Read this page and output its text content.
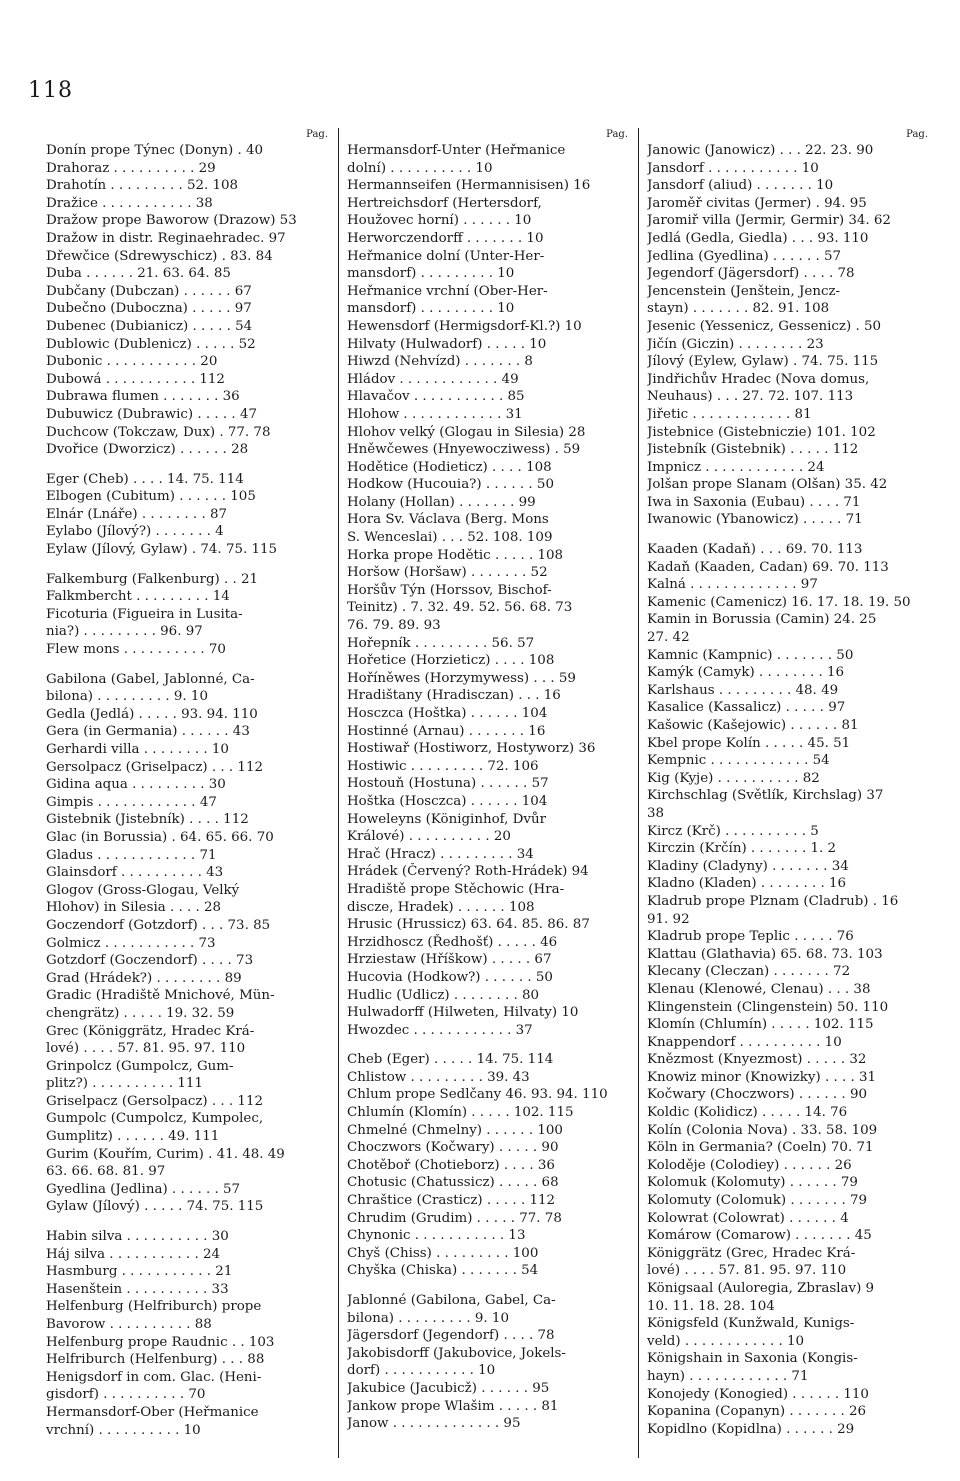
118
Pag.
Donín prope Týnec (Donyn) . 40
Drahoraz . . . . . . . . . . 29
Drahotín . . . . . . . . . 52. 108
Dražice . . . . . . . . . . . 38
Dražow prope Baworow (Drazow) 53
Dražow in distr. Reginaehradec. 97
Dřewčice (Sdrewyschicz) . 83. 84
Duba . . . . . . 21. 63. 64. 85
Dubčany (Dubczan) . . . . . . 67
Dubečno (Duboczna) . . . . . 97
Dubenec (Dubianicz) . . . . . 54
Dublowic (Dublenicz) . . . . . 52
Dubonic . . . . . . . . . . . 20
Dubowá . . . . . . . . . . . 112
Dubrawa flumen . . . . . . . 36
Dubuwicz (Dubrawic) . . . . . 47
Duchcow (Tokczaw, Dux) . 77. 78
Dvořice (Dworzicz) . . . . . . 28
Eger (Cheb) . . . . 14. 75. 114
Elbogen (Cubitum) . . . . . . 105
Elnár (Lnáře) . . . . . . . . 87
Eylabo (Jílový?) . . . . . . . 4
Eylaw (Jílový, Gylaw) . 74. 75. 115
Falkemburg (Falkenburg) . . 21
Falkmbercht . . . . . . . . . 14
Ficoturia (Figueira in Lusita-
nia?) . . . . . . . . . 96. 97
Flew mons . . . . . . . . . . 70
Gabilona (Gabel, Jablonné, Ca-
bilona) . . . . . . . . . 9. 10
Gedla (Jedlá) . . . . . 93. 94. 110
Gera (in Germania) . . . . . . 43
Gerhardi villa . . . . . . . . 10
Gersolpacz (Griselpacz) . . . 112
Gidina aqua . . . . . . . . . 30
Gimpis . . . . . . . . . . . . 47
Gistebnik (Jistebník) . . . . 112
Glac (in Borussia) . 64. 65. 66. 70
Gladus . . . . . . . . . . . . 71
Glainsdorf . . . . . . . . . . 43
Glogov (Gross-Glogau, Velký
Hlohov) in Silesia . . . . 28
Goczendorf (Gotzdorf) . . . 73. 85
Golmicz . . . . . . . . . . . 73
Gotzdorf (Goczendorf) . . . . 73
Grad (Hrádek?) . . . . . . . . 89
Gradic (Hradiště Mnichové, Mün-
chengrätz) . . . . . 19. 32. 59
Grec (Königgrätz, Hradec Krá-
lové) . . . . 57. 81. 95. 97. 110
Grinpolcz (Gumpolcz, Gum-
plitz?) . . . . . . . . . . 111
Griselpacz (Gersolpacz) . . . 112
Gumpolc (Cumpolcz, Kumpolec,
Gumplitz) . . . . . . 49. 111
Gurim (Kouřím, Curim) . 41. 48. 49
63. 66. 68. 81. 97
Gyedlina (Jedlina) . . . . . . 57
Gylaw (Jílový) . . . . . 74. 75. 115
Habin silva . . . . . . . . . . 30
Háj silva . . . . . . . . . . . 24
Hasmburg . . . . . . . . . . . 21
Hasenštein . . . . . . . . . . 33
Helfenburg (Helfriburch) prope
Bavorow . . . . . . . . . . 88
Helfenburg prope Raudnic . . 103
Helfriburch (Helfenburg) . . . 88
Henigsdorf in com. Glac. (Heni-
gisdorf) . . . . . . . . . . 70
Hermansdorf-Ober (Heřmanice
vrchní) . . . . . . . . . . 10
Pag.
Hermansdorf-Unter (Heřmanice
dolní) . . . . . . . . . . 10
Hermannseifen (Hermannisisen) 16
Hertreichsdorf (Hertersdorf,
Houžovec horní) . . . . . . 10
Herworczendorff . . . . . . . 10
Heřmanice dolní (Unter-Her-
mansdorf) . . . . . . . . . 10
Heřmanice vrchní (Ober-Her-
mansdorf) . . . . . . . . . 10
Hewensdorf (Hermigsdorf-Kl.?) 10
Hilvaty (Hulwadorf) . . . . . 10
Hiwzd (Nehvízd) . . . . . . . 8
Hládov . . . . . . . . . . . . 49
Hlavačov . . . . . . . . . . . 85
Hlohow . . . . . . . . . . . . 31
Hlohov velký (Glogau in Silesia) 28
Hněwčewes (Hnyewocziwess) . 59
Hodětice (Hodieticz) . . . . 108
Hodkow (Hucouia?) . . . . . . 50
Holany (Hollan) . . . . . . . 99
Hora Sv. Václava (Berg. Mons
S. Wenceslai) . . . 52. 108. 109
Horka prope Hodětic . . . . . 108
Horšow (Horšaw) . . . . . . . 52
Horšův Týn (Horssov, Bischof-
Teinitz) . 7. 32. 49. 52. 56. 68. 73
76. 79. 89. 93
Hořepník . . . . . . . . . 56. 57
Hořetice (Horzieticz) . . . . 108
Hoříněwes (Horzymywess) . . . 59
Hradištany (Hradisczan) . . . 16
Hosczca (Hoštka) . . . . . . 104
Hostinné (Arnau) . . . . . . . 16
Hostiwař (Hostiworz, Hostyworz) 36
Hostiwic . . . . . . . . . 72. 106
Hostouň (Hostuna) . . . . . . 57
Hoštka (Hosczca) . . . . . . 104
Howeleyns (Königinhof, Dvůr
Králové) . . . . . . . . . . 20
Hrač (Hracz) . . . . . . . . . 34
Hrádek (Červený? Roth-Hrádek) 94
Hradiště prope Stěchowic (Hra-
discze, Hradek) . . . . . . 108
Hrusic (Hrussicz) 63. 64. 85. 86. 87
Hrzidhoscz (Ředhošť) . . . . . 46
Hrziestaw (Hříškow) . . . . . 67
Hucovia (Hodkow?) . . . . . . 50
Hudlic (Udlicz) . . . . . . . . 80
Hulwadorff (Hilweten, Hilvaty) 10
Hwozdec . . . . . . . . . . . . 37
Cheb (Eger) . . . . . 14. 75. 114
Chlistow . . . . . . . . . 39. 43
Chlum prope Sedlčany 46. 93. 94. 110
Chlumín (Klomín) . . . . . 102. 115
Chmelné (Chmelny) . . . . . . 100
Choczwors (Kočwary) . . . . . 90
Chotěboř (Chotieborz) . . . . 36
Chotusic (Chatussicz) . . . . . 68
Chraštice (Crasticz) . . . . . 112
Chrudim (Grudim) . . . . . 77. 78
Chynonic . . . . . . . . . . . 13
Chyš (Chiss) . . . . . . . . . 100
Chyška (Chiska) . . . . . . . 54
Jablonné (Gabilona, Gabel, Ca-
bilona) . . . . . . . . . 9. 10
Jägersdorf (Jegendorf) . . . . 78
Jakobisdorff (Jakubovice, Jokels-
dorf) . . . . . . . . . . . 10
Jakubice (Jacubicž) . . . . . . 95
Jankow prope Wlašim . . . . . 81
Janow . . . . . . . . . . . . . 95
Pag.
Janowic (Janowicz) . . . 22. 23. 90
Jansdorf . . . . . . . . . . . 10
Jansdorf (aliud) . . . . . . . 10
Jaroměř civitas (Jermer) . 94. 95
Jaromiř villa (Jermir, Germir) 34. 62
Jedlá (Gedla, Giedla) . . . 93. 110
Jedlina (Gyedlina) . . . . . . 57
Jegendorf (Jägersdorf) . . . . 78
Jencenstein (Jenštein, Jencz-
stayn) . . . . . . . 82. 91. 108
Jesenic (Yessenicz, Gessenicz) . 50
Jičín (Giczin) . . . . . . . . 23
Jílový (Eylew, Gylaw) . 74. 75. 115
Jindřichův Hradec (Nova domus,
Neuhaus) . . . 27. 72. 107. 113
Jiřetic . . . . . . . . . . . . 81
Jistebnice (Gistebniczie) 101. 102
Jistebník (Gistebnik) . . . . . 112
Impnicz . . . . . . . . . . . . 24
Jolšan prope Slanam (Olšan) 35. 42
Iwa in Saxonia (Eubau) . . . . 71
Iwanowic (Ybanowicz) . . . . . 71
Kaaden (Kadaň) . . . 69. 70. 113
Kadaň (Kaaden, Cadan) 69. 70. 113
Kalná . . . . . . . . . . . . . 97
Kamenic (Camenicz) 16. 17. 18. 19. 50
Kamin in Borussia (Camin) 24. 25
27. 42
Kamnic (Kampnic) . . . . . . . 50
Kamýk (Camyk) . . . . . . . . 16
Karlshaus . . . . . . . . . 48. 49
Kasalice (Kassalicz) . . . . . 97
Kašowic (Kašejowic) . . . . . . 81
Kbel prope Kolín . . . . . 45. 51
Kempnic . . . . . . . . . . . . 54
Kig (Kyje) . . . . . . . . . . 82
Kirchschlag (Světlík, Kirchslag) 37
38
Kircz (Krč) . . . . . . . . . . 5
Kirczin (Krčín) . . . . . . . 1. 2
Kladiny (Cladyny) . . . . . . . 34
Kladno (Kladen) . . . . . . . . 16
Kladrub prope Plznam (Cladrub) . 16
91. 92
Kladrub prope Teplic . . . . . 76
Klattau (Glathavia) 65. 68. 73. 103
Klecany (Cleczan) . . . . . . . 72
Klenau (Klenowé, Clenau) . . . 38
Klingenstein (Clingenstein) 50. 110
Klomín (Chlumín) . . . . . 102. 115
Knappendorf . . . . . . . . . . 10
Knězmost (Knyezmost) . . . . . 32
Knowiz minor (Knowizky) . . . . 31
Kočwary (Choczwors) . . . . . . 90
Koldic (Kolidicz) . . . . . 14. 76
Kolín (Colonia Nova) . 33. 58. 109
Köln in Germania? (Coeln) 70. 71
Koloděje (Colodiey) . . . . . . 26
Kolomuk (Kolomuty) . . . . . . 79
Kolomuty (Colomuk) . . . . . . . 79
Kolowrat (Colowrat) . . . . . . 4
Komárow (Comarow) . . . . . . . 45
Königgrätz (Grec, Hradec Krá-
lové) . . . . 57. 81. 95. 97. 110
Königsaal (Auloregia, Zbraslav) 9
10. 11. 18. 28. 104
Königsfeld (Kunžwald, Kunigs-
veld) . . . . . . . . . . . . 10
Königshain in Saxonia (Kongis-
hayn) . . . . . . . . . . . . 71
Konojedy (Konogied) . . . . . . 110
Kopanina (Copanyn) . . . . . . . 26
Kopidlno (Kopidlna) . . . . . . 29
